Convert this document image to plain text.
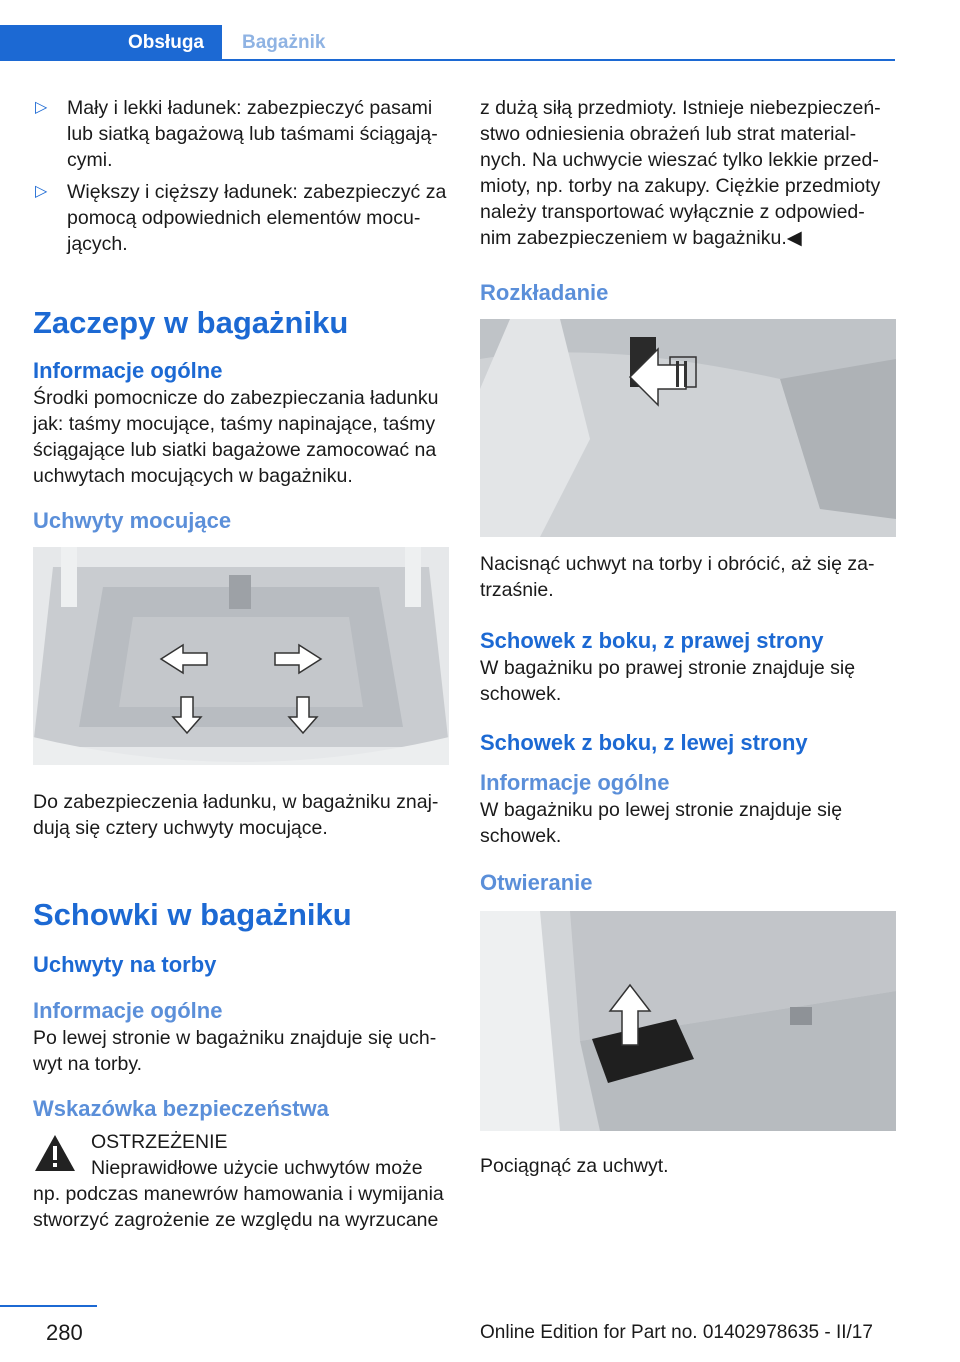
Obsługa	Bagażnik
▷ Mały i lekki ładunek: zabezpieczyć pasami lub siatką bagażową lub taśmami ściągają‐ cymi.
▷ Większy i cięższy ładunek: zabezpieczyć za pomocą odpowiednich elementów mocu‐ jących.
Zaczepy w bagażniku
Informacje ogólne

Środki pomocnicze do zabezpieczania ładunku jak: taśmy mocujące, taśmy napinające, taśmy ściągające lub siatki bagażowe zamocować na uchwytach mocujących w bagażniku.

Uchwyty mocujące

Do zabezpieczenia ładunku, w bagażniku znaj‐ dują się cztery uchwyty mocujące.

Schowki w bagażniku
Uchwyty na torby
Informacje ogólne

Po lewej stronie w bagażniku znajduje się uch‐ wyt na torby.

Wskazówka bezpieczeństwa

OSTRZEŻENIE

Nieprawidłowe użycie uchwytów może np. podczas manewrów hamowania i wymijania stworzyć zagrożenie ze względu na wyrzucane

z dużą siłą przedmioty. Istnieje niebezpieczeń‐ stwo odniesienia obrażeń lub strat material‐ nych. Na uchwycie wieszać tylko lekkie przed‐ mioty, np. torby na zakupy. Ciężkie przedmioty należy transportować wyłącznie z odpowied‐ nim zabezpieczeniem w bagażniku.◀

Rozkładanie

Nacisnąć uchwyt na torby i obrócić, aż się za‐ trzaśnie.

Schowek z boku, z prawej strony

W bagażniku po prawej stronie znajduje się schowek.

Schowek z boku, z lewej strony
Informacje ogólne

W bagażniku po lewej stronie znajduje się schowek.

Otwieranie

Pociągnąć za uchwyt.

280	Online Edition for Part no. 01402978635 - II/17
